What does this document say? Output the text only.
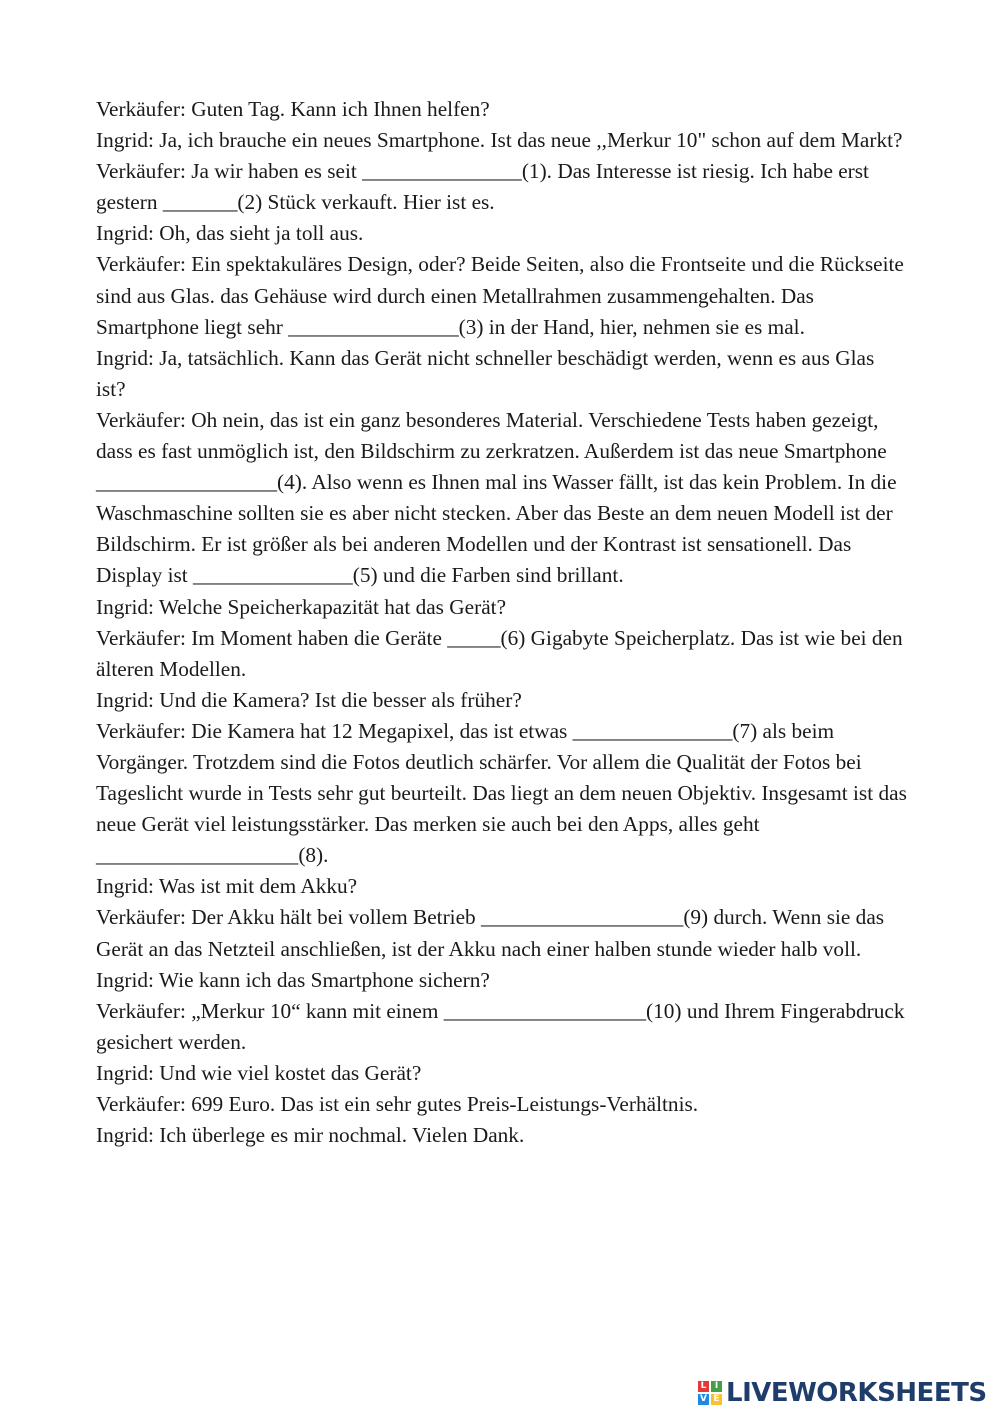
Verkäufer: Guten Tag. Kann ich Ihnen helfen?

Ingrid: Ja, ich brauche ein neues Smartphone. Ist das neue ,,Merkur 10" schon auf dem Markt?

Verkäufer: Ja wir haben es seit _______________(1). Das Interesse ist riesig. Ich habe erst gestern _______(2) Stück verkauft. Hier ist es.

Ingrid: Oh, das sieht ja toll aus.

Verkäufer: Ein spektakuläres Design, oder? Beide Seiten, also die Frontseite und die Rückseite sind aus Glas. das Gehäuse wird durch einen Metallrahmen zusammengehalten. Das Smartphone liegt sehr ________________(3) in der Hand, hier, nehmen sie es mal.

Ingrid: Ja, tatsächlich. Kann das Gerät nicht schneller beschädigt werden, wenn es aus Glas ist?

Verkäufer: Oh nein, das ist ein ganz besonderes Material. Verschiedene Tests haben gezeigt, dass es fast unmöglich ist, den Bildschirm zu zerkratzen. Außerdem ist das neue Smartphone _________________(4). Also wenn es Ihnen mal ins Wasser fällt, ist das kein Problem. In die Waschmaschine sollten sie es aber nicht stecken. Aber das Beste an dem neuen Modell ist der Bildschirm. Er ist größer als bei anderen Modellen und der Kontrast ist sensationell. Das Display ist _______________(5) und die Farben sind brillant.

Ingrid: Welche Speicherkapazität hat das Gerät?

Verkäufer: Im Moment haben die Geräte _____(6) Gigabyte Speicherplatz. Das ist wie bei den älteren Modellen.

Ingrid: Und die Kamera? Ist die besser als früher?

Verkäufer: Die Kamera hat 12 Megapixel, das ist etwas _______________(7) als beim Vorgänger. Trotzdem sind die Fotos deutlich schärfer. Vor allem die Qualität der Fotos bei Tageslicht wurde in Tests sehr gut beurteilt. Das liegt an dem neuen Objektiv. Insgesamt ist das neue Gerät viel leistungsstärker. Das merken sie auch bei den Apps, alles geht ___________________(8).

Ingrid: Was ist mit dem Akku?

Verkäufer: Der Akku hält bei vollem Betrieb ___________________(9) durch. Wenn sie das Gerät an das Netzteil anschließen, ist der Akku nach einer halben stunde wieder halb voll.

Ingrid: Wie kann ich das Smartphone sichern?

Verkäufer: „Merkur 10“ kann mit einem ___________________(10) und Ihrem Fingerabdruck gesichert werden.

Ingrid: Und wie viel kostet das Gerät?

Verkäufer: 699 Euro. Das ist ein sehr gutes Preis-Leistungs-Verhältnis.

Ingrid: Ich überlege es mir nochmal. Vielen Dank.

L I
V E LIVEWORKSHEETS
